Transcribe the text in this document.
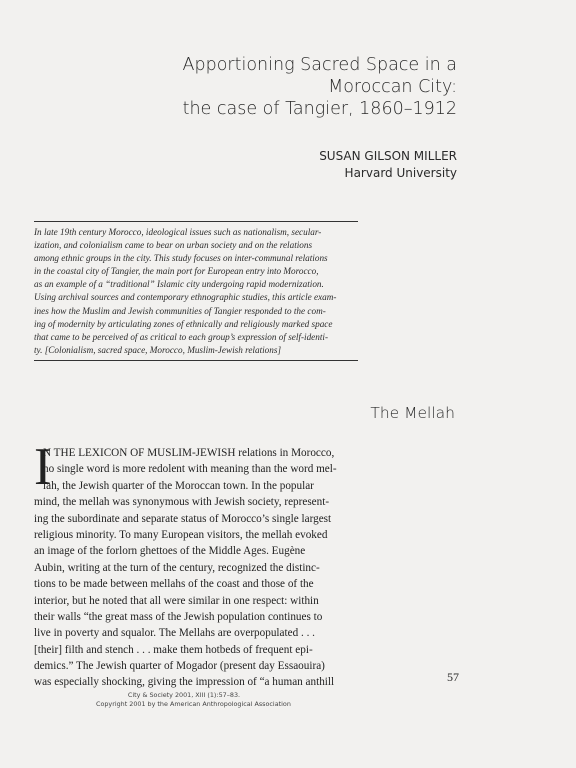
Apportioning Sacred Space in a
Moroccan City:
the case of Tangier, 1860–1912
SUSAN GILSON MILLER
Harvard University
In late 19th century Morocco, ideological issues such as nationalism, secular-
ization, and colonialism came to bear on urban society and on the relations
among ethnic groups in the city. This study focuses on inter-communal relations
in the coastal city of Tangier, the main port for European entry into Morocco,
as an example of a “traditional” Islamic city undergoing rapid modernization.
Using archival sources and contemporary ethnographic studies, this article exam-
ines how the Muslim and Jewish communities of Tangier responded to the com-
ing of modernity by articulating zones of ethnically and religiously marked space
that came to be perceived of as critical to each group’s expression of self-identi-
ty. [Colonialism, sacred space, Morocco, Muslim-Jewish relations]
The Mellah
I
N THE LEXICON OF MUSLIM-JEWISH relations in Morocco,
no single word is more redolent with meaning than the word mel-
lah, the Jewish quarter of the Moroccan town. In the popular
mind, the mellah was synonymous with Jewish society, represent-
ing the subordinate and separate status of Morocco’s single largest
religious minority. To many European visitors, the mellah evoked
an image of the forlorn ghettoes of the Middle Ages. Eugène
Aubin, writing at the turn of the century, recognized the distinc-
tions to be made between mellahs of the coast and those of the
interior, but he noted that all were similar in one respect: within
their walls “the great mass of the Jewish population continues to
live in poverty and squalor. The Mellahs are overpopulated . . .
[their] filth and stench . . . make them hotbeds of frequent epi-
demics.” The Jewish quarter of Mogador (present day Essaouira)
was especially shocking, giving the impression of “a human anthill	57
City & Society 2001, XIII (1):57–83.
Copyright 2001 by the American Anthropological Association
